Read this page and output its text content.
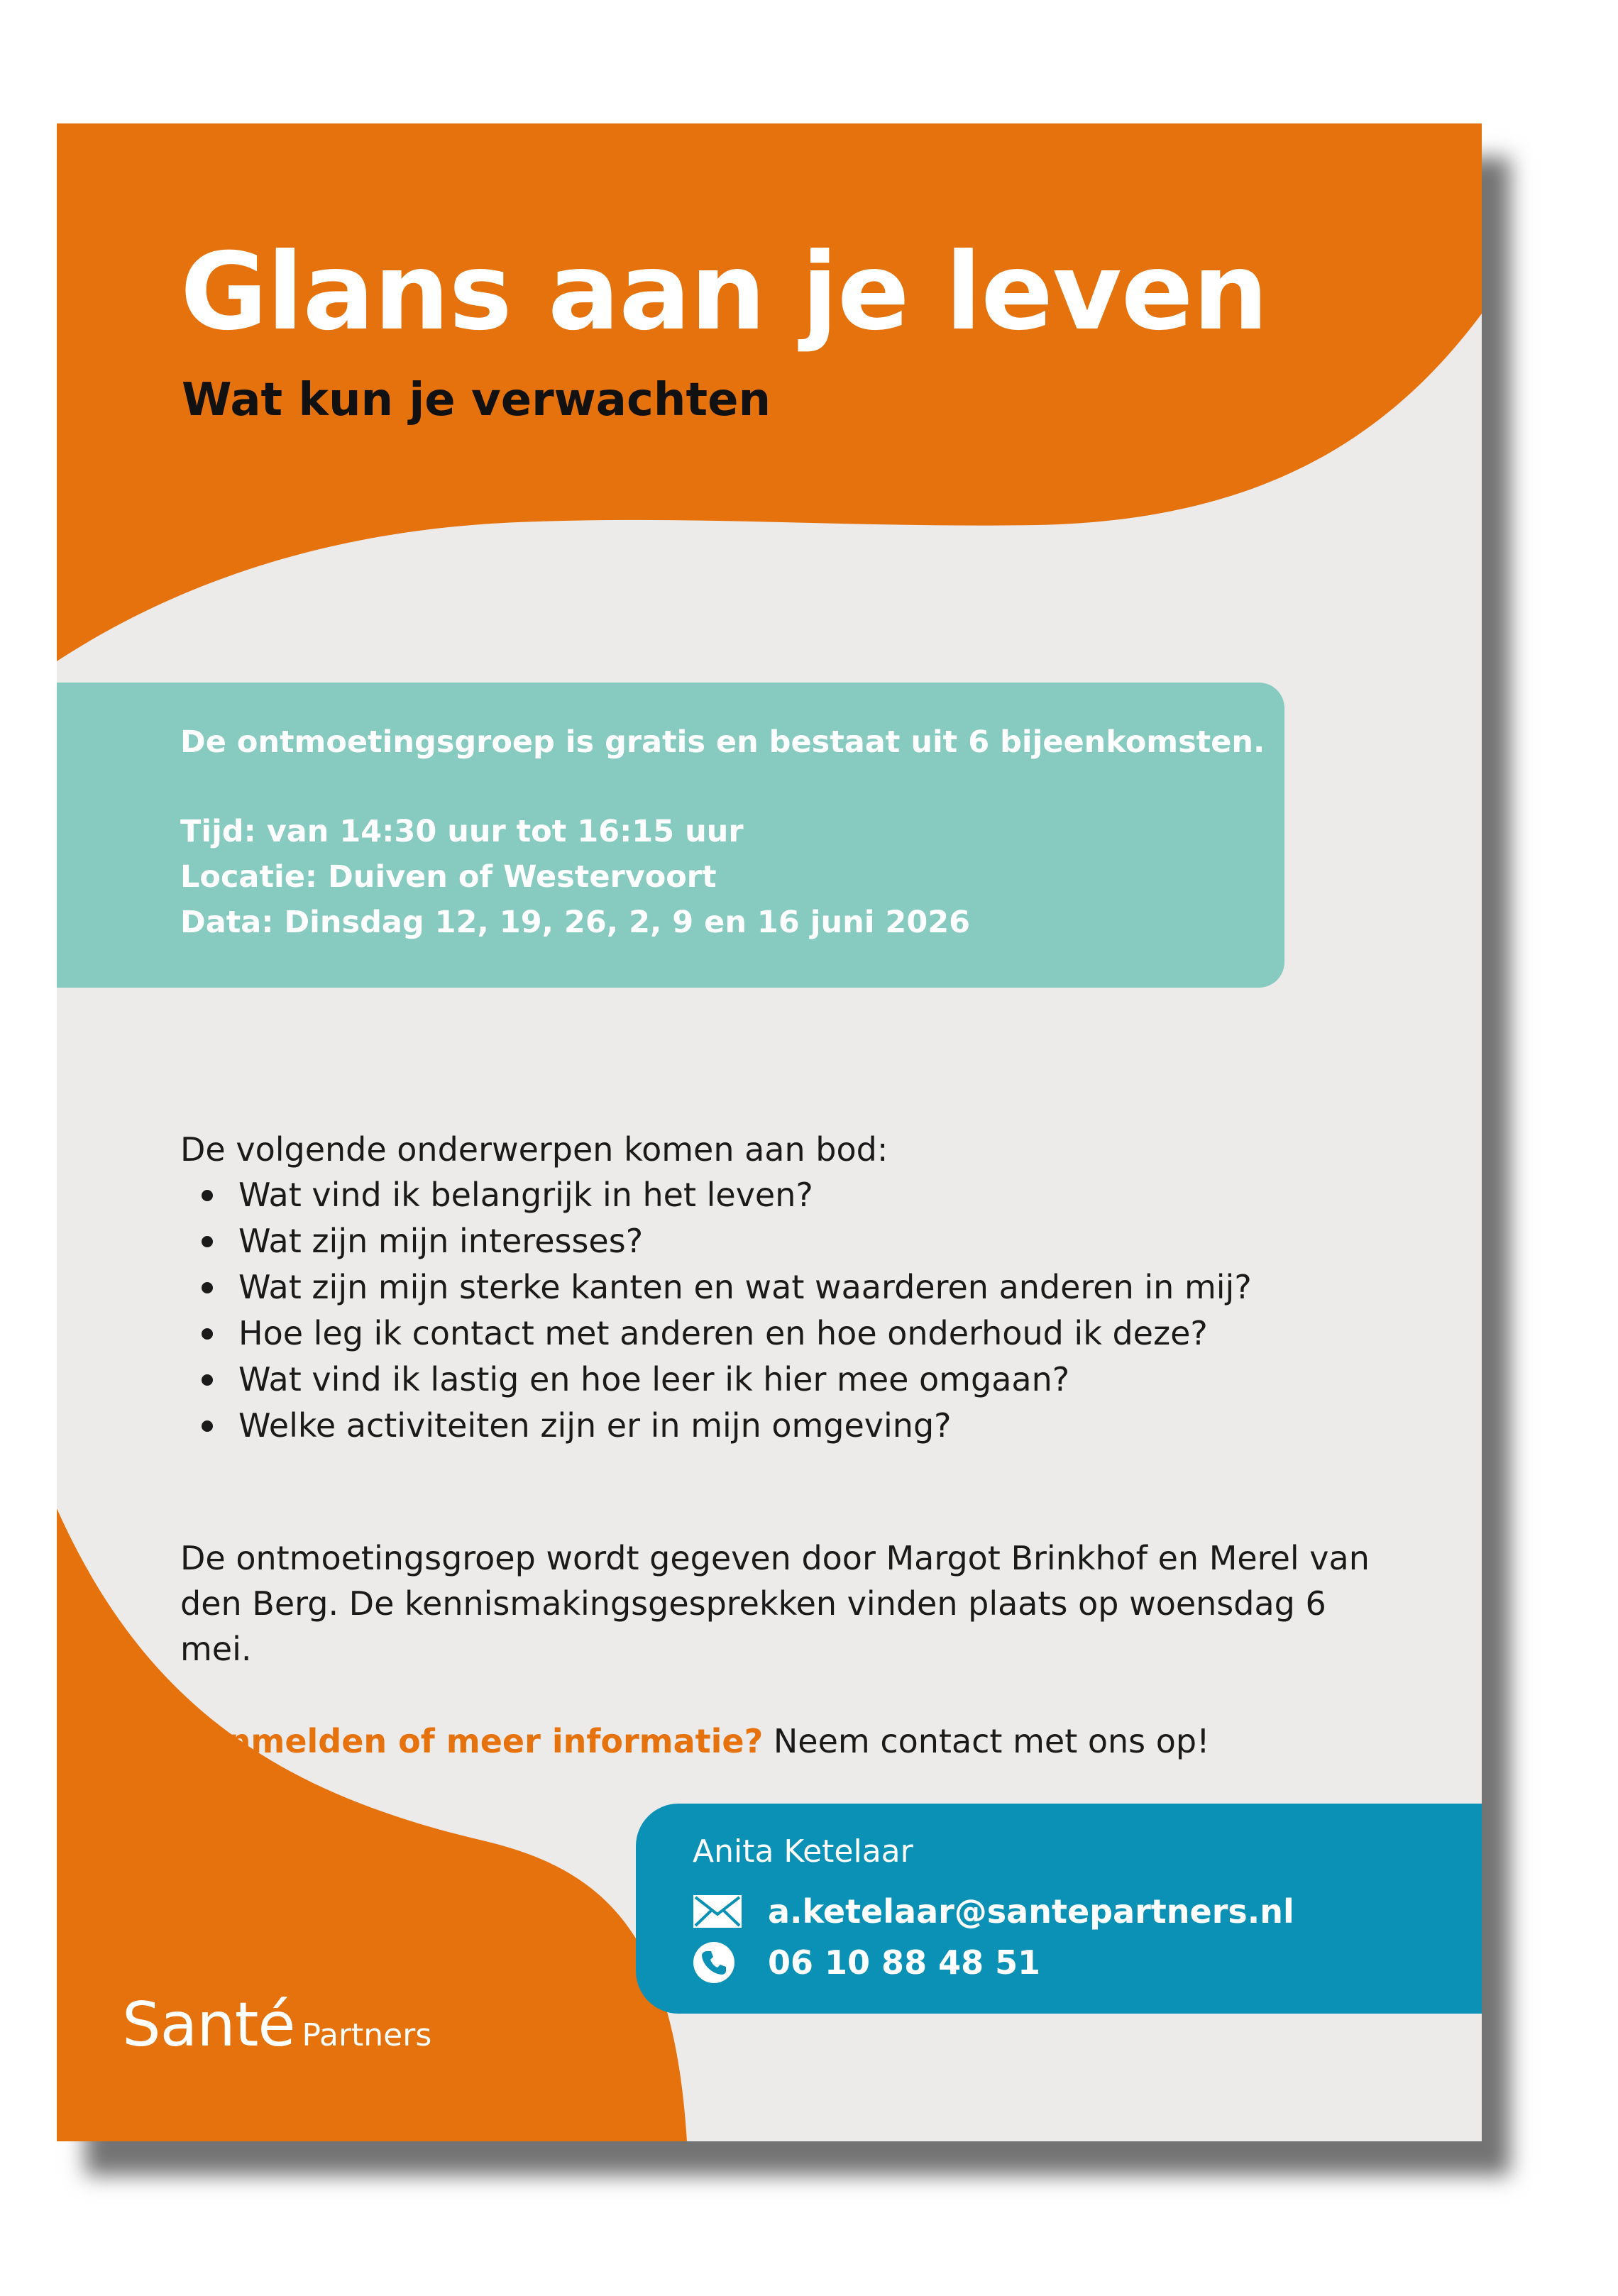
Glans aan je leven
Wat kun je verwachten

De ontmoetingsgroep is gratis en bestaat uit 6 bijeenkomsten.

Tijd: van 14:30 uur tot 16:15 uur

Locatie: Duiven of Westervoort

Data: Dinsdag 12, 19, 26, 2, 9 en 16 juni 2026

De volgende onderwerpen komen aan bod:

Wat vind ik belangrijk in het leven?
Wat zijn mijn interesses?
Wat zijn mijn sterke kanten en wat waarderen anderen in mij?
Hoe leg ik contact met anderen en hoe onderhoud ik deze?
Wat vind ik lastig en hoe leer ik hier mee omgaan?
Welke activiteiten zijn er in mijn omgeving?

De ontmoetingsgroep wordt gegeven door Margot Brinkhof en Merel van den Berg. De kennismakingsgesprekken vinden plaats op woensdag 6 mei.

Aanmelden of meer informatie? Neem contact met ons op!

Anita Ketelaar

a.ketelaar@santepartners.nl
06 10 88 48 51
Santé Partners
